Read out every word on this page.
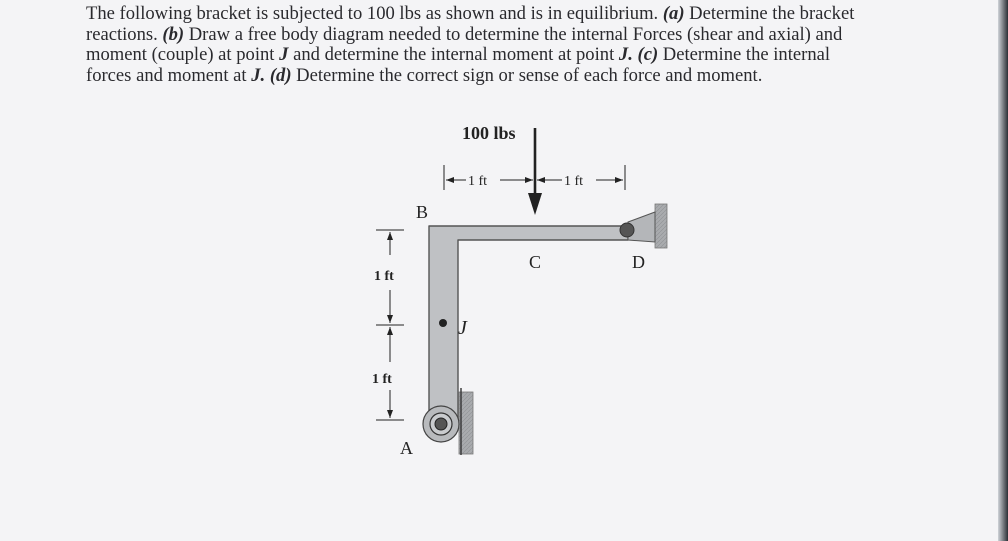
The following bracket is subjected to 100 lbs as shown and is in equilibrium. (a) Determine the bracket
reactions. (b) Draw a free body diagram needed to determine the internal Forces (shear and axial) and
moment (couple) at point J and determine the internal moment at point J. (c) Determine the internal
forces and moment at J. (d) Determine the correct sign or sense of each force and moment.
100 lbs
1 ft	1 ft
1 ft
1 ft
B
C	D
J
A
